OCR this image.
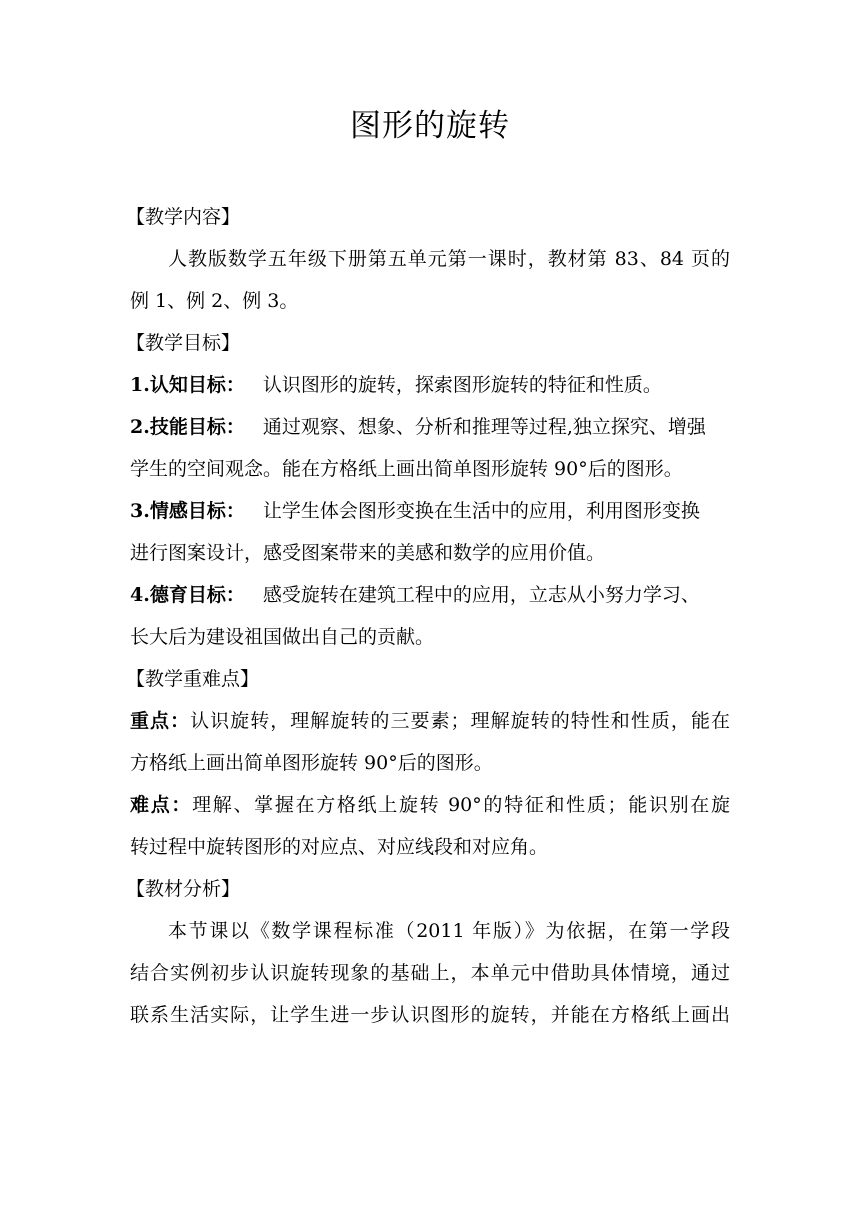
图形的旋转
【教学内容】
人教版数学五年级下册第五单元第一课时，教材第 83、84 页的
例 1、例 2、例 3。
【教学目标】
1.认知目标： 认识图形的旋转，探索图形旋转的特征和性质。
2.技能目标： 通过观察、想象、分析和推理等过程,独立探究、增强
学生的空间观念。能在方格纸上画出简单图形旋转 90°后的图形。
3.情感目标： 让学生体会图形变换在生活中的应用，利用图形变换
进行图案设计，感受图案带来的美感和数学的应用价值。
4.德育目标： 感受旋转在建筑工程中的应用，立志从小努力学习、
长大后为建设祖国做出自己的贡献。
【教学重难点】
重点：认识旋转，理解旋转的三要素；理解旋转的特性和性质，能在
方格纸上画出简单图形旋转 90°后的图形。
难点：理解、掌握在方格纸上旋转 90°的特征和性质；能识别在旋
转过程中旋转图形的对应点、对应线段和对应角。
【教材分析】
本节课以《数学课程标准（2011 年版）》为依据，在第一学段
结合实例初步认识旋转现象的基础上，本单元中借助具体情境，通过
联系生活实际，让学生进一步认识图形的旋转，并能在方格纸上画出
